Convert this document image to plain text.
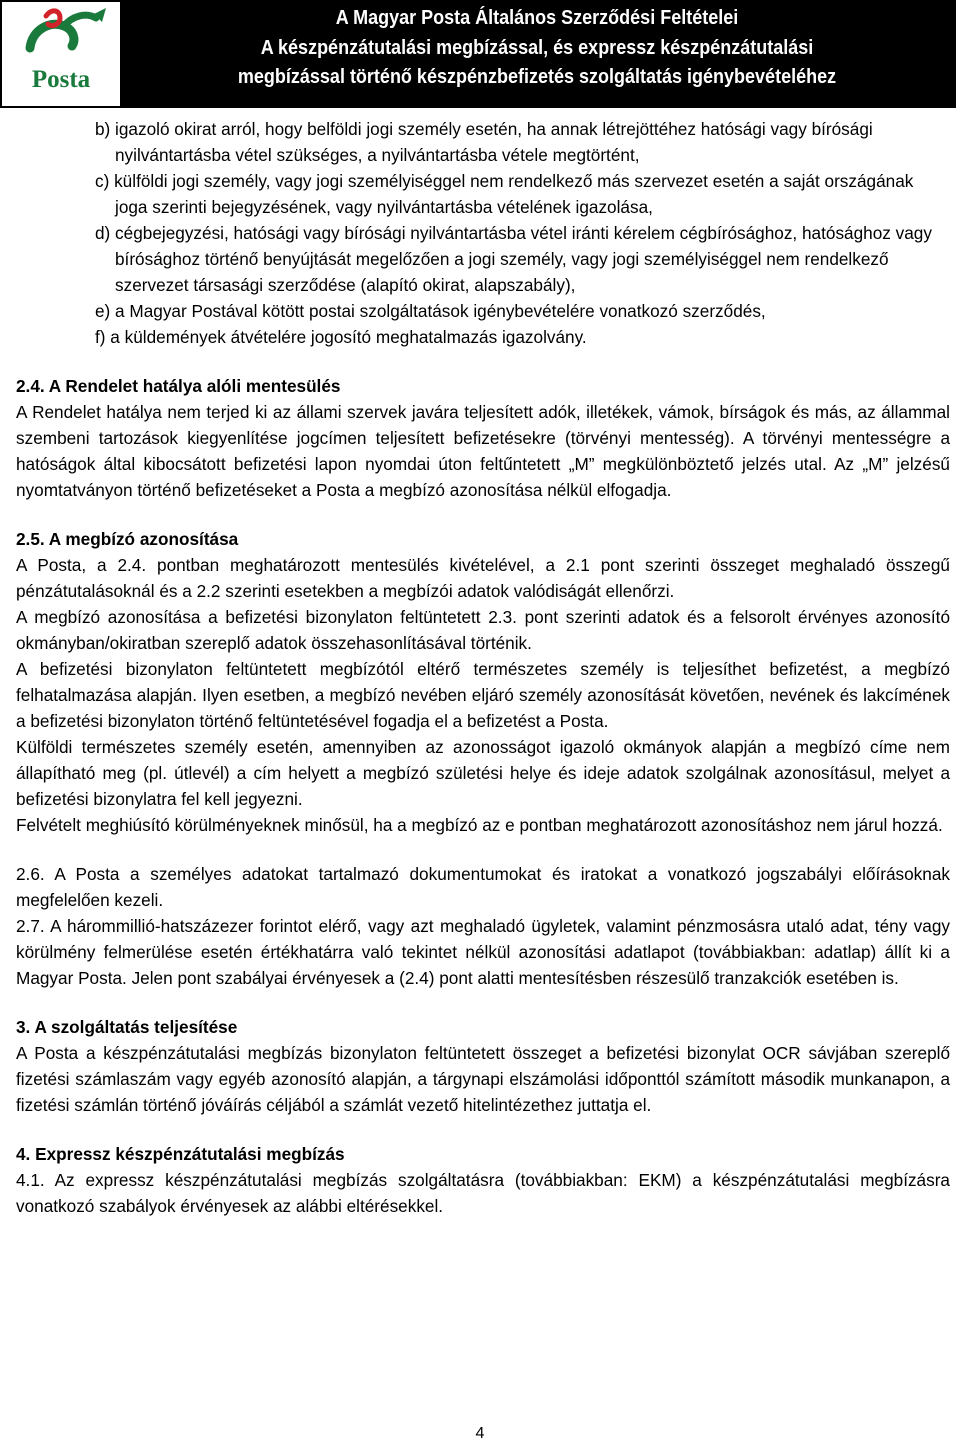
Posta
A Magyar Posta Általános Szerződési Feltételei
A készpénzátutalási megbízással, és expressz készpénzátutalási
megbízással történő készpénzbefizetés szolgáltatás igénybevételéhez

b) igazoló okirat arról, hogy belföldi jogi személy esetén, ha annak létrejöttéhez hatósági vagy bírósági nyilvántartásba vétel szükséges, a nyilvántartásba vétele megtörtént,

c) külföldi jogi személy, vagy jogi személyiséggel nem rendelkező más szervezet esetén a saját országának joga szerinti bejegyzésének, vagy nyilvántartásba vételének igazolása,

d) cégbejegyzési, hatósági vagy bírósági nyilvántartásba vétel iránti kérelem cégbírósághoz, hatósághoz vagy bírósághoz történő benyújtását megelőzően a jogi személy, vagy jogi személyiséggel nem rendelkező szervezet társasági szerződése (alapító okirat, alapszabály),

e) a Magyar Postával kötött postai szolgáltatások igénybevételére vonatkozó szerződés,

f) a küldemények átvételére jogosító meghatalmazás igazolvány.

2.4. A Rendelet hatálya alóli mentesülés

A Rendelet hatálya nem terjed ki az állami szervek javára teljesített adók, illetékek, vámok, bírságok és más, az állammal szembeni tartozások kiegyenlítése jogcímen teljesített befizetésekre (törvényi mentesség). A törvényi mentességre a hatóságok által kibocsátott befizetési lapon nyomdai úton feltűntetett „M” megkülönböztető jelzés utal. Az „M” jelzésű nyomtatványon történő befizetéseket a Posta a megbízó azonosítása nélkül elfogadja.

2.5. A megbízó azonosítása

A Posta, a 2.4. pontban meghatározott mentesülés kivételével, a 2.1 pont szerinti összeget meghaladó összegű pénzátutalásoknál és a 2.2 szerinti esetekben a megbízói adatok valódiságát ellenőrzi.

A megbízó azonosítása a befizetési bizonylaton feltüntetett 2.3. pont szerinti adatok és a felsorolt érvényes azonosító okmányban/okiratban szereplő adatok összehasonlításával történik.

A befizetési bizonylaton feltüntetett megbízótól eltérő természetes személy is teljesíthet befizetést, a megbízó felhatalmazása alapján. Ilyen esetben, a megbízó nevében eljáró személy azonosítását követően, nevének és lakcímének a befizetési bizonylaton történő feltüntetésével fogadja el a befizetést a Posta.

Külföldi természetes személy esetén, amennyiben az azonosságot igazoló okmányok alapján a megbízó címe nem állapítható meg (pl. útlevél) a cím helyett a megbízó születési helye és ideje adatok szolgálnak azonosításul, melyet a befizetési bizonylatra fel kell jegyezni.

Felvételt meghiúsító körülményeknek minősül, ha a megbízó az e pontban meghatározott azonosításhoz nem járul hozzá.

2.6. A Posta a személyes adatokat tartalmazó dokumentumokat és iratokat a vonatkozó jogszabályi előírásoknak megfelelően kezeli.

2.7. A hárommillió-hatszázezer forintot elérő, vagy azt meghaladó ügyletek, valamint pénzmosásra utaló adat, tény vagy körülmény felmerülése esetén értékhatárra való tekintet nélkül azonosítási adatlapot (továbbiakban: adatlap) állít ki a Magyar Posta. Jelen pont szabályai érvényesek a (2.4) pont alatti mentesítésben részesülő tranzakciók esetében is.

3. A szolgáltatás teljesítése

A Posta a készpénzátutalási megbízás bizonylaton feltüntetett összeget a befizetési bizonylat OCR sávjában szereplő fizetési számlaszám vagy egyéb azonosító alapján, a tárgynapi elszámolási időponttól számított második munkanapon, a fizetési számlán történő jóváírás céljából a számlát vezető hitelintézethez juttatja el.

4. Expressz készpénzátutalási megbízás

4.1. Az expressz készpénzátutalási megbízás szolgáltatásra (továbbiakban: EKM) a készpénzátutalási megbízásra vonatkozó szabályok érvényesek az alábbi eltérésekkel.

4
